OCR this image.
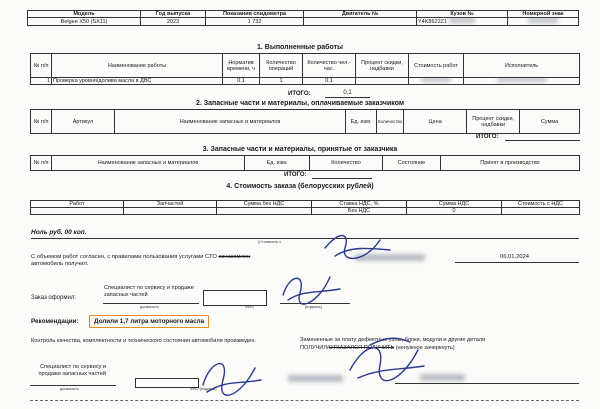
Модель	Год выпуска	Показания спидометра	Двигатель №	Кузов №	Номерной знак
Belgee X50 (SX11)	2023	1 732		Y4K8622Z1	
1. Выполненные работы
№ п/п	Наименование работы	Норматив времени, ч	Количество операций	Количество чел.-час.	Процент скидки, надбавки	Стоимость работ	Исполнитель
1	Проверка уровня/долива масла в ДВС	0,1	1	0,1			
ИТОГО:	0,1
2. Запасные части и материалы, оплачиваемые заказчиком
№ п/п	Артикул	Наименование запасных и материалов	Ед. изм.	Количество	Цена	Процент скидки, надбавки	Сумма
ИТОГО:
3. Запасные части и материалы, принятые от заказчика
№ п/п	Наименование запасных и материалов	Ед. изм.	Количество	Состояние	Принят в производство
ИТОГО:
4. Стоимость заказа (белорусских рублей)
Работ	Запчастей	Сумма без НДС	Ставка НДС, %	Сумма НДС	Стоимость с НДС
			Без НДС	0	
Ноль руб. 00 коп.
(Стоимость с
С объемом работ согласен, с правилами пользования услугами СТО ознакомлен
автомобиль получил.
06.01.2024
Заказ оформил:
Специалист по сервису и продаже запасных частей
должность	ФИО	(подпись)
Рекомендации:	Долили 1,7 литра моторного масла
Контроль качества, комплектности и технического состояния автомобиля произведен.
Специалист по сервису и продаже запасных частей
должность	ФИО (подпись)
Замененные за плату дефектные узлы, блоки, модули и другие детали
ПОЛУЧИЛ/ОТКАЗАЛСЯ ПОЛУЧИТЬ (ненужное зачеркнуть)
